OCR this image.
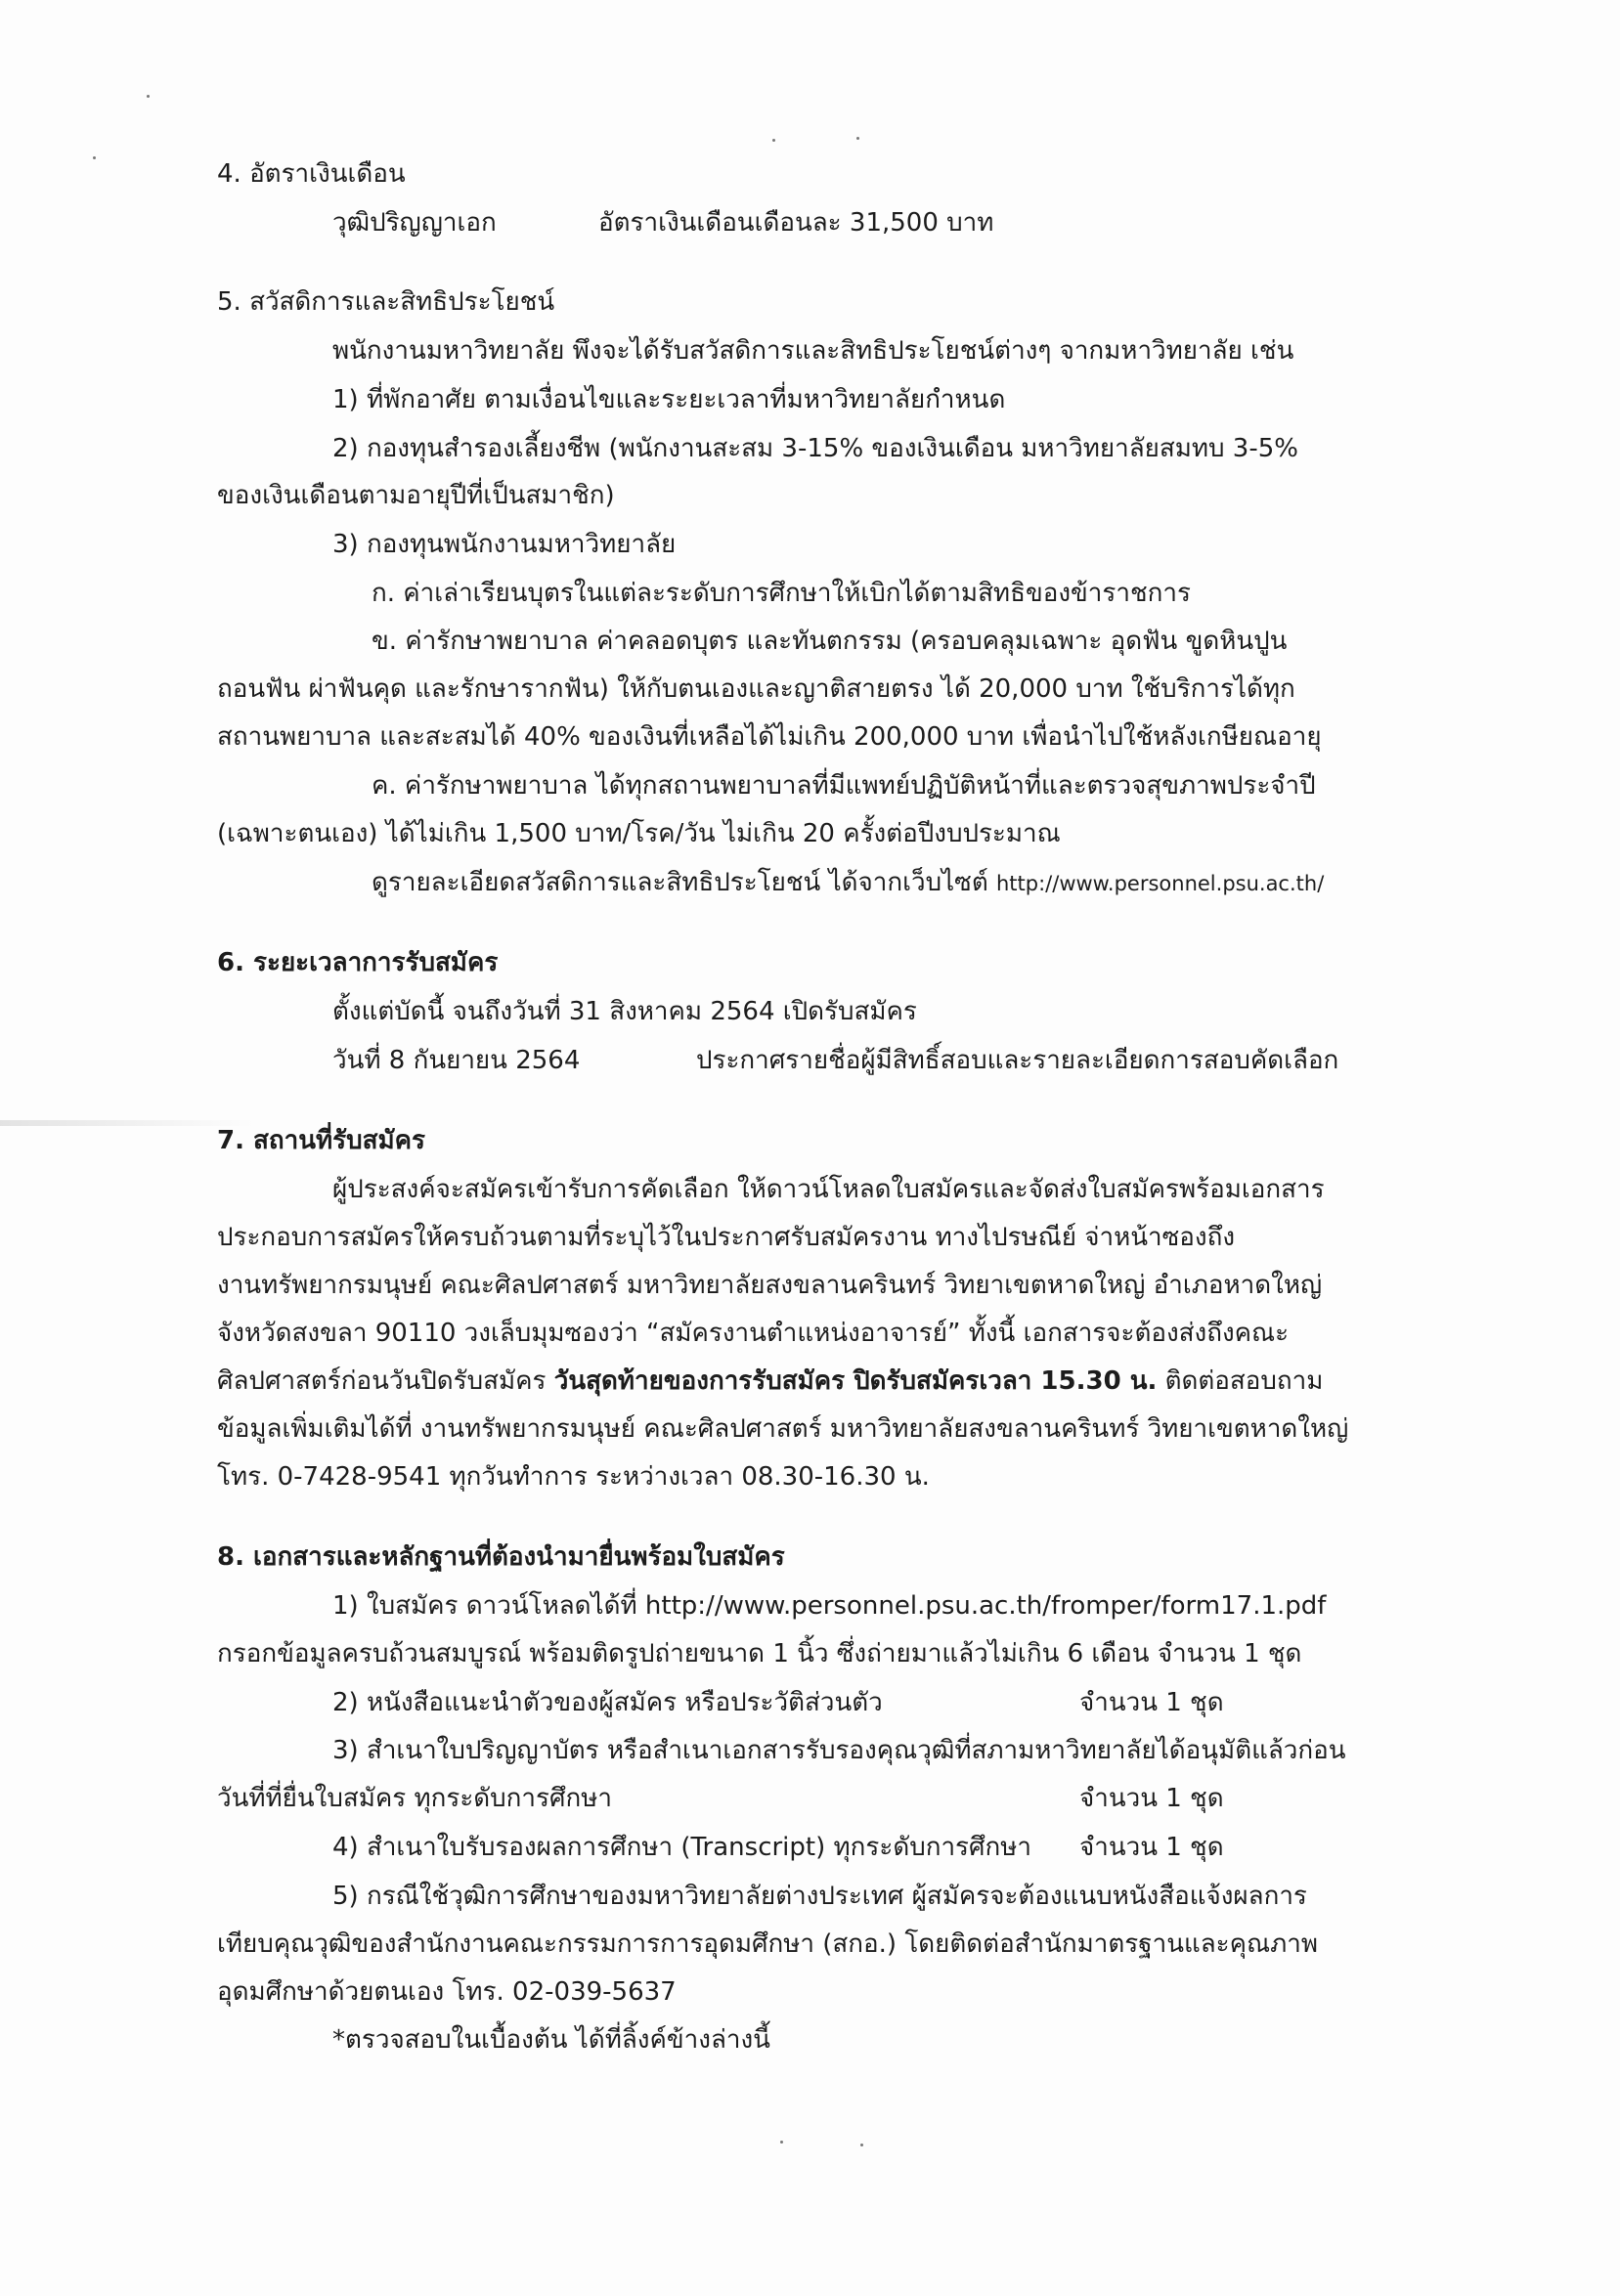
4. อัตราเงินเดือน
วุฒิปริญญาเอก	อัตราเงินเดือนเดือนละ 31,500 บาท
5. สวัสดิการและสิทธิประโยชน์
พนักงานมหาวิทยาลัย พึงจะได้รับสวัสดิการและสิทธิประโยชน์ต่างๆ จากมหาวิทยาลัย เช่น
1) ที่พักอาศัย ตามเงื่อนไขและระยะเวลาที่มหาวิทยาลัยกำหนด
2) กองทุนสำรองเลี้ยงชีพ (พนักงานสะสม 3-15% ของเงินเดือน มหาวิทยาลัยสมทบ 3-5%
ของเงินเดือนตามอายุปีที่เป็นสมาชิก)
3) กองทุนพนักงานมหาวิทยาลัย
ก. ค่าเล่าเรียนบุตรในแต่ละระดับการศึกษาให้เบิกได้ตามสิทธิของข้าราชการ
ข. ค่ารักษาพยาบาล ค่าคลอดบุตร และทันตกรรม (ครอบคลุมเฉพาะ อุดฟัน ขูดหินปูน
ถอนฟัน ผ่าฟันคุด และรักษารากฟัน) ให้กับตนเองและญาติสายตรง ได้ 20,000 บาท ใช้บริการได้ทุก
สถานพยาบาล และสะสมได้ 40% ของเงินที่เหลือได้ไม่เกิน 200,000 บาท เพื่อนำไปใช้หลังเกษียณอายุ
ค. ค่ารักษาพยาบาล ได้ทุกสถานพยาบาลที่มีแพทย์ปฏิบัติหน้าที่และตรวจสุขภาพประจำปี
(เฉพาะตนเอง) ได้ไม่เกิน 1,500 บาท/โรค/วัน ไม่เกิน 20 ครั้งต่อปีงบประมาณ
ดูรายละเอียดสวัสดิการและสิทธิประโยชน์ ได้จากเว็บไซต์ http://www.personnel.psu.ac.th/
6. ระยะเวลาการรับสมัคร
ตั้งแต่บัดนี้ จนถึงวันที่ 31 สิงหาคม 2564 เปิดรับสมัคร
วันที่ 8 กันยายน 2564	ประกาศรายชื่อผู้มีสิทธิ์สอบและรายละเอียดการสอบคัดเลือก
7. สถานที่รับสมัคร
ผู้ประสงค์จะสมัครเข้ารับการคัดเลือก ให้ดาวน์โหลดใบสมัครและจัดส่งใบสมัครพร้อมเอกสาร
ประกอบการสมัครให้ครบถ้วนตามที่ระบุไว้ในประกาศรับสมัครงาน ทางไปรษณีย์ จ่าหน้าซองถึง
งานทรัพยากรมนุษย์ คณะศิลปศาสตร์ มหาวิทยาลัยสงขลานครินทร์ วิทยาเขตหาดใหญ่ อำเภอหาดใหญ่
จังหวัดสงขลา 90110 วงเล็บมุมซองว่า “สมัครงานตำแหน่งอาจารย์” ทั้งนี้ เอกสารจะต้องส่งถึงคณะ
ศิลปศาสตร์ก่อนวันปิดรับสมัคร วันสุดท้ายของการรับสมัคร ปิดรับสมัครเวลา 15.30 น. ติดต่อสอบถาม
ข้อมูลเพิ่มเติมได้ที่ งานทรัพยากรมนุษย์ คณะศิลปศาสตร์ มหาวิทยาลัยสงขลานครินทร์ วิทยาเขตหาดใหญ่
โทร. 0-7428-9541 ทุกวันทำการ ระหว่างเวลา 08.30-16.30 น.
8. เอกสารและหลักฐานที่ต้องนำมายื่นพร้อมใบสมัคร
1) ใบสมัคร ดาวน์โหลดได้ที่ http://www.personnel.psu.ac.th/fromper/form17.1.pdf
กรอกข้อมูลครบถ้วนสมบูรณ์ พร้อมติดรูปถ่ายขนาด 1 นิ้ว ซึ่งถ่ายมาแล้วไม่เกิน 6 เดือน จำนวน 1 ชุด
2) หนังสือแนะนำตัวของผู้สมัคร หรือประวัติส่วนตัว	จำนวน 1 ชุด
3) สำเนาใบปริญญาบัตร หรือสำเนาเอกสารรับรองคุณวุฒิที่สภามหาวิทยาลัยได้อนุมัติแล้วก่อน
วันที่ที่ยื่นใบสมัคร ทุกระดับการศึกษา	จำนวน 1 ชุด
4) สำเนาใบรับรองผลการศึกษา (Transcript) ทุกระดับการศึกษา จำนวน 1 ชุด
5) กรณีใช้วุฒิการศึกษาของมหาวิทยาลัยต่างประเทศ ผู้สมัครจะต้องแนบหนังสือแจ้งผลการ
เทียบคุณวุฒิของสำนักงานคณะกรรมการการอุดมศึกษา (สกอ.) โดยติดต่อสำนักมาตรฐานและคุณภาพ
อุดมศึกษาด้วยตนเอง โทร. 02-039-5637
*ตรวจสอบในเบื้องต้น ได้ที่ลิ้งค์ข้างล่างนี้
